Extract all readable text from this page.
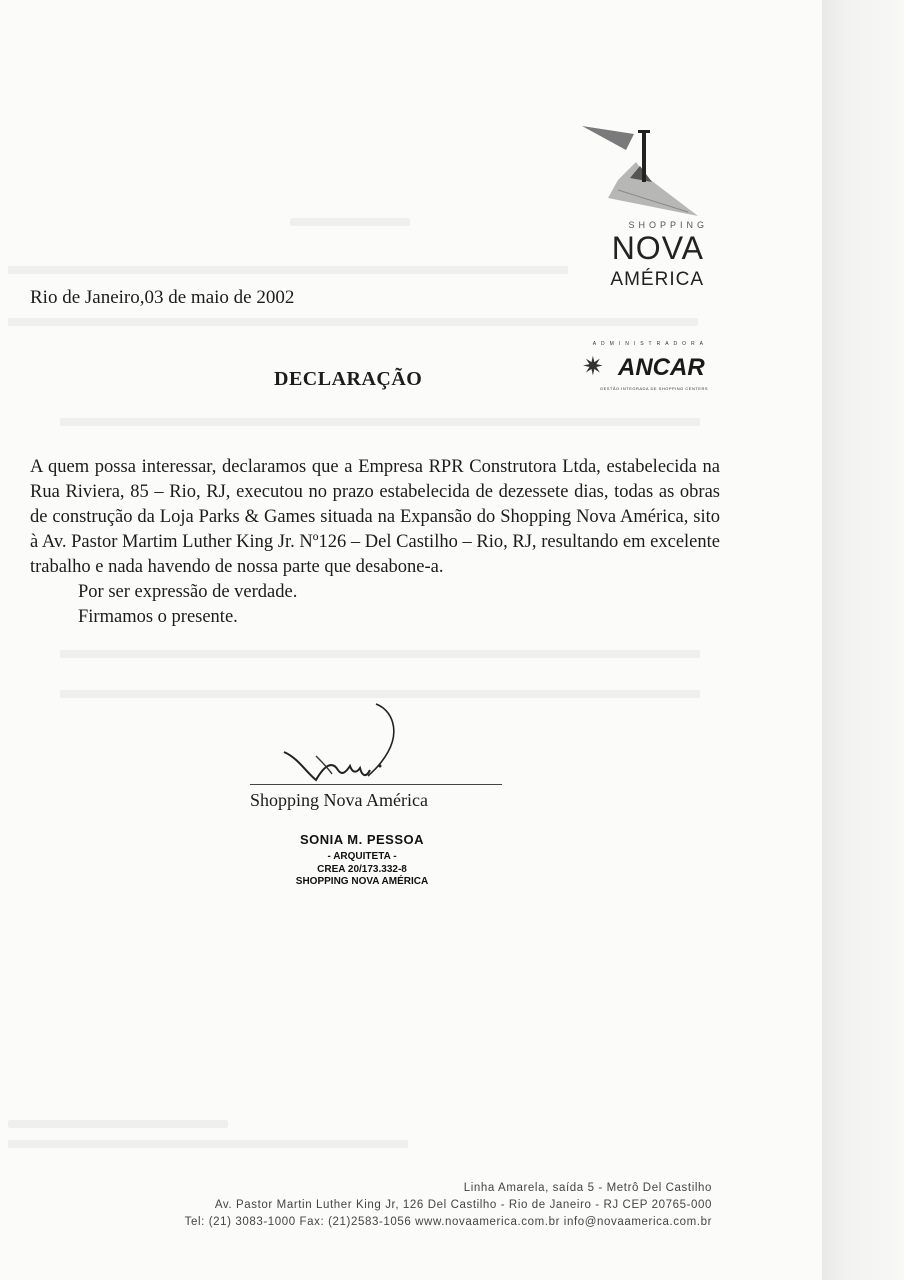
SHOPPING
NOVA
AMÉRICA
ADMINISTRADORA
✷ ANCAR
GESTÃO INTEGRADA DE SHOPPING CENTERS
Rio de Janeiro,03 de maio de 2002
DECLARAÇÃO
A quem possa interessar, declaramos que a Empresa RPR Construtora Ltda, estabelecida na Rua Riviera, 85 – Rio, RJ, executou no prazo estabelecida de dezessete dias, todas as obras de construção da Loja Parks & Games situada na Expansão do Shopping Nova América, sito à Av. Pastor Martim Luther King Jr. Nº126 – Del Castilho – Rio, RJ, resultando em excelente trabalho e nada havendo de nossa parte que desabone-a.
Por ser expressão de verdade.
Firmamos o presente.
Shopping Nova América
SONIA M. PESSOA
- ARQUITETA -
CREA 20/173.332-8
SHOPPING NOVA AMÉRICA
Linha Amarela, saída 5 - Metrô Del Castilho
Av. Pastor Martin Luther King Jr, 126 Del Castilho - Rio de Janeiro - RJ CEP 20765-000
Tel: (21) 3083-1000 Fax: (21)2583-1056 www.novaamerica.com.br info@novaamerica.com.br
